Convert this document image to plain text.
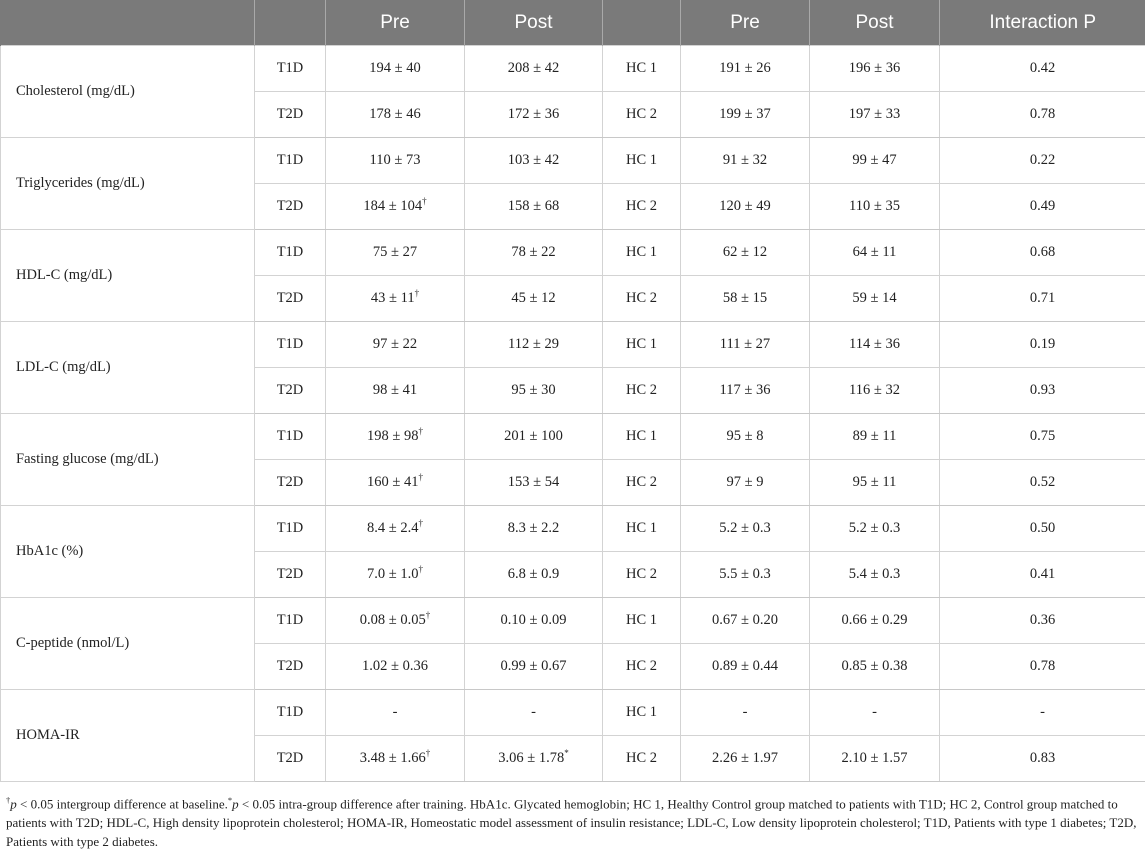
		Pre	Post		Pre	Post	Interaction P
Cholesterol (mg/dL)	T1D	194 ± 40	208 ± 42	HC 1	191 ± 26	196 ± 36	0.42
	T2D	178 ± 46	172 ± 36	HC 2	199 ± 37	197 ± 33	0.78
Triglycerides (mg/dL)	T1D	110 ± 73	103 ± 42	HC 1	91 ± 32	99 ± 47	0.22
	T2D	184 ± 104†	158 ± 68	HC 2	120 ± 49	110 ± 35	0.49
HDL-C (mg/dL)	T1D	75 ± 27	78 ± 22	HC 1	62 ± 12	64 ± 11	0.68
	T2D	43 ± 11†	45 ± 12	HC 2	58 ± 15	59 ± 14	0.71
LDL-C (mg/dL)	T1D	97 ± 22	112 ± 29	HC 1	111 ± 27	114 ± 36	0.19
	T2D	98 ± 41	95 ± 30	HC 2	117 ± 36	116 ± 32	0.93
Fasting glucose (mg/dL)	T1D	198 ± 98†	201 ± 100	HC 1	95 ± 8	89 ± 11	0.75
	T2D	160 ± 41†	153 ± 54	HC 2	97 ± 9	95 ± 11	0.52
HbA1c (%)	T1D	8.4 ± 2.4†	8.3 ± 2.2	HC 1	5.2 ± 0.3	5.2 ± 0.3	0.50
	T2D	7.0 ± 1.0†	6.8 ± 0.9	HC 2	5.5 ± 0.3	5.4 ± 0.3	0.41
C-peptide (nmol/L)	T1D	0.08 ± 0.05†	0.10 ± 0.09	HC 1	0.67 ± 0.20	0.66 ± 0.29	0.36
	T2D	1.02 ± 0.36	0.99 ± 0.67	HC 2	0.89 ± 0.44	0.85 ± 0.38	0.78
HOMA-IR	T1D	-	-	HC 1	-	-	-
	T2D	3.48 ± 1.66†	3.06 ± 1.78*	HC 2	2.26 ± 1.97	2.10 ± 1.57	0.83
†p < 0.05 intergroup difference at baseline.*p < 0.05 intra-group difference after training. HbA1c. Glycated hemoglobin; HC 1, Healthy Control group matched to patients with T1D; HC 2, Control group matched to patients with T2D; HDL-C, High density lipoprotein cholesterol; HOMA-IR, Homeostatic model assessment of insulin resistance; LDL-C, Low density lipoprotein cholesterol; T1D, Patients with type 1 diabetes; T2D, Patients with type 2 diabetes.
